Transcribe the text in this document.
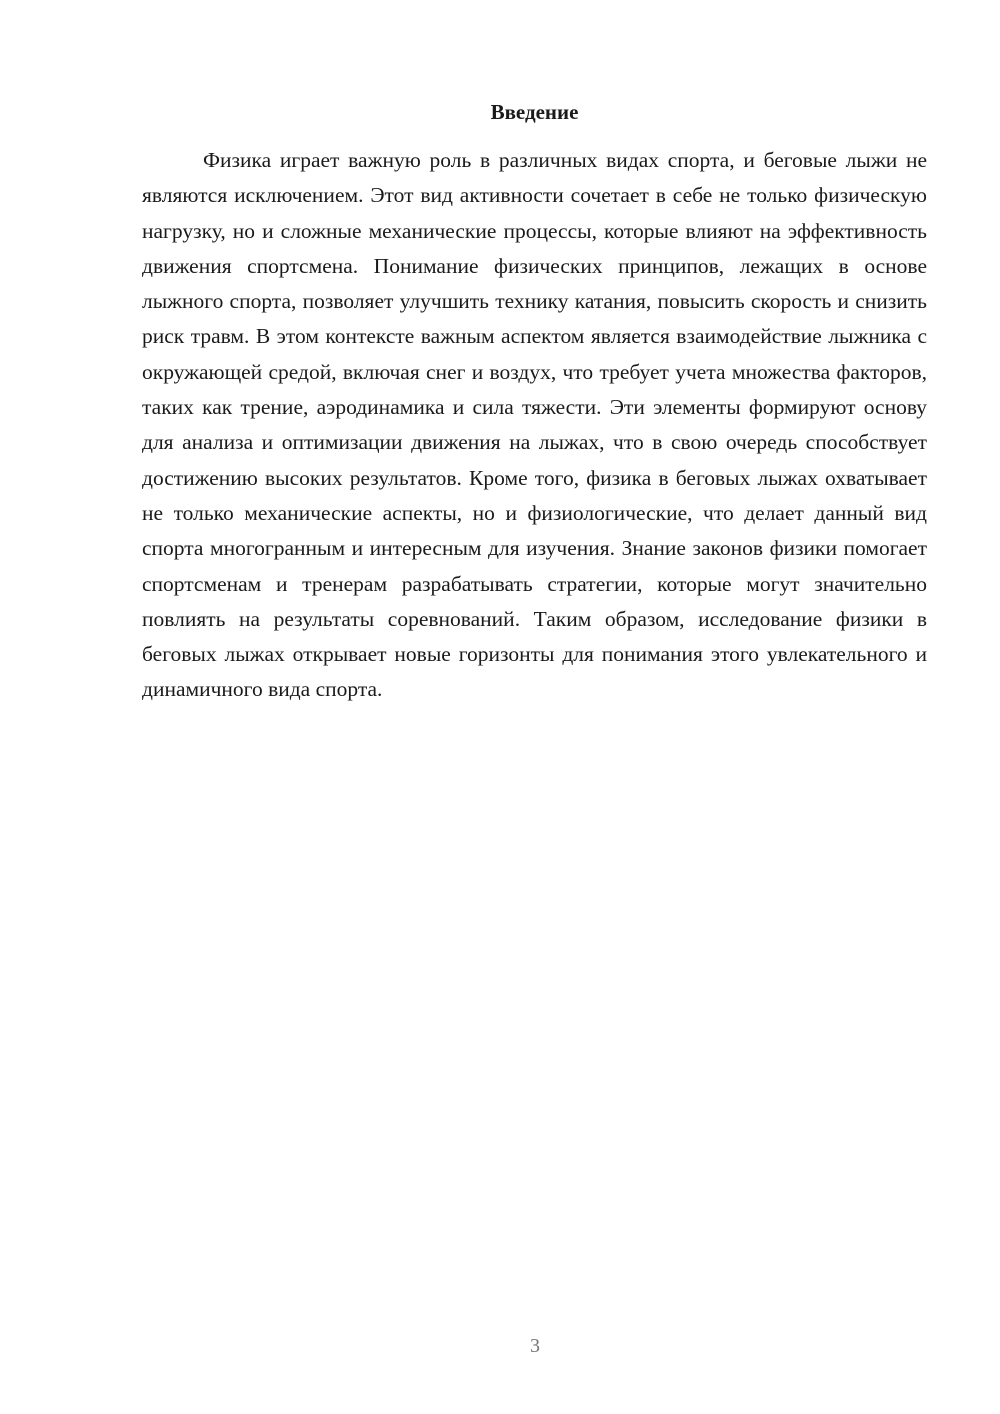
Введение

Физика играет важную роль в различных видах спорта, и беговые лыжи не являются исключением. Этот вид активности сочетает в себе не только физическую нагрузку, но и сложные механические процессы, которые влияют на эффективность движения спортсмена. Понимание физических принципов, лежащих в основе лыжного спорта, позволяет улучшить технику катания, повысить скорость и снизить риск травм. В этом контексте важным аспектом является взаимодействие лыжника с окружающей средой, включая снег и воздух, что требует учета множества факторов, таких как трение, аэродинамика и сила тяжести. Эти элементы формируют основу для анализа и оптимизации движения на лыжах, что в свою очередь способствует достижению высоких результатов. Кроме того, физика в беговых лыжах охватывает не только механические аспекты, но и физиологические, что делает данный вид спорта многогранным и интересным для изучения. Знание законов физики помогает спортсменам и тренерам разрабатывать стратегии, которые могут значительно повлиять на результаты соревнований. Таким образом, исследование физики в беговых лыжах открывает новые горизонты для понимания этого увлекательного и динамичного вида спорта.

3
